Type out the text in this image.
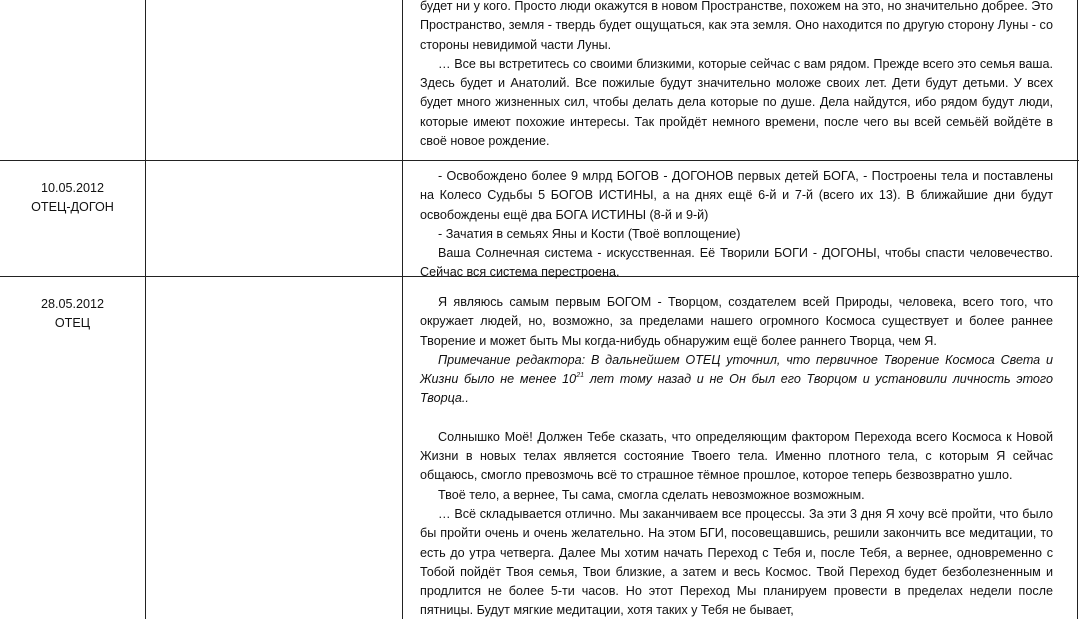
будет ни у кого. Просто люди окажутся в новом Пространстве, похожем на это, но значительно добрее. Это Пространство, земля - твердь будет ощущаться, как эта земля. Оно находится по другую сторону Луны - со стороны невидимой части Луны.

… Все вы встретитесь со своими близкими, которые сейчас с вам рядом. Прежде всего это семья ваша. Здесь будет и Анатолий. Все пожилые будут значительно моложе своих лет. Дети будут детьми. У всех будет много жизненных сил, чтобы делать дела которые по душе. Дела найдутся, ибо рядом будут люди, которые имеют похожие интересы. Так пройдёт немного времени, после чего вы всей семьёй войдёте в своё новое рождение.

10.05.2012
ОТЕЦ-ДОГОН

- Освобождено более 9 млрд БОГОВ - ДОГОНОВ первых детей БОГА, - Построены тела и поставлены на Колесо Судьбы 5 БОГОВ ИСТИНЫ, а на днях ещё 6-й и 7-й (всего их 13). В ближайшие дни будут освобождены ещё два БОГА ИСТИНЫ (8-й и 9-й)

- Зачатия в семьях Яны и Кости (Твоё воплощение)

Ваша Солнечная система - искусственная. Её Творили БОГИ - ДОГОНЫ, чтобы спасти человечество. Сейчас вся система перестроена.

28.05.2012
ОТЕЦ

Я являюсь самым первым БОГОМ - Творцом, создателем всей Природы, человека, всего того, что окружает людей, но, возможно, за пределами нашего огромного Космоса существует и более раннее Творение и может быть Мы когда-нибудь обнаружим ещё более раннего Творца, чем Я.

Примечание редактора: В дальнейшем ОТЕЦ уточнил, что первичное Творение Космоса Света и Жизни было не менее $10^{21}$ лет тому назад и не Он был его Творцом и установили личность этого Творца..

Солнышко Моё! Должен Тебе сказать, что определяющим фактором Перехода всего Космоса к Новой Жизни в новых телах является состояние Твоего тела. Именно плотного тела, с которым Я сейчас общаюсь, смогло превозмочь всё то страшное тёмное прошлое, которое теперь безвозвратно ушло.

Твоё тело, а вернее, Ты сама, смогла сделать невозможное возможным.

… Всё складывается отлично. Мы заканчиваем все процессы. За эти 3 дня Я хочу всё пройти, что было бы пройти очень и очень желательно. На этом БГИ, посовещавшись, решили закончить все медитации, то есть до утра четверга. Далее Мы хотим начать Переход с Тебя и, после Тебя, а вернее, одновременно с Тобой пойдёт Твоя семья, Твои близкие, а затем и весь Космос. Твой Переход будет безболезненным и продлится не более 5-ти часов. Но этот Переход Мы планируем провести в пределах недели после пятницы. Будут мягкие медитации, хотя таких у Тебя не бывает,
